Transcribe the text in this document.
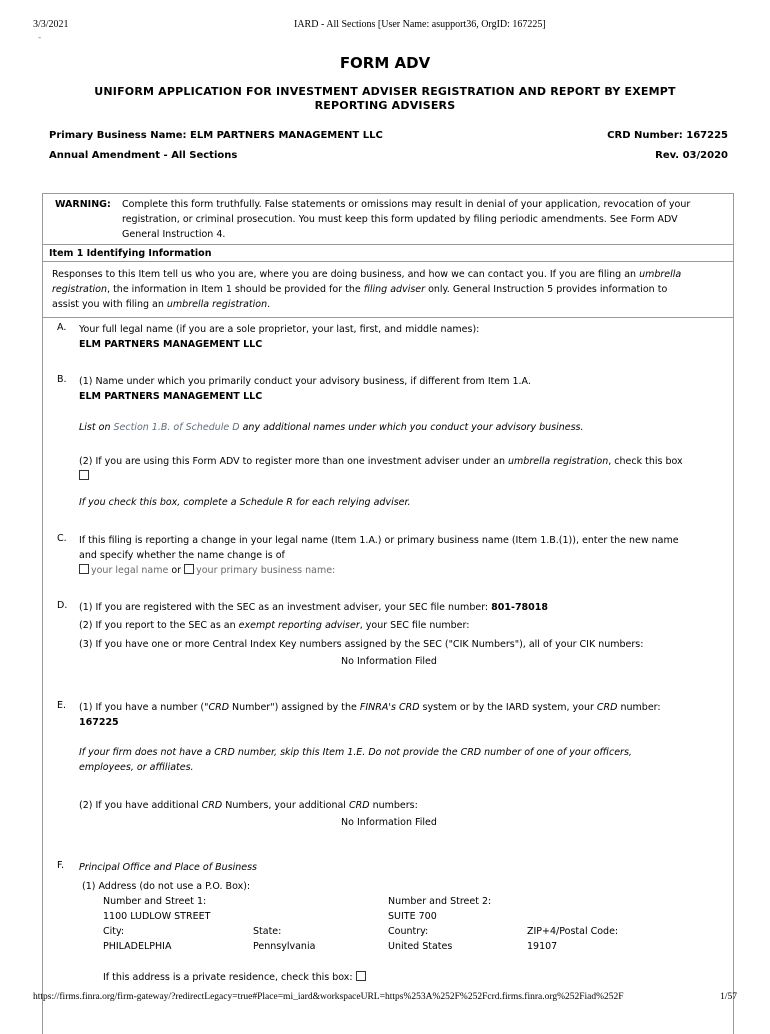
3/3/2021	IARD - All Sections [User Name: asupport36, OrgID: 167225]
-
FORM ADV
UNIFORM APPLICATION FOR INVESTMENT ADVISER REGISTRATION AND REPORT BY EXEMPT
REPORTING ADVISERS
Primary Business Name: ELM PARTNERS MANAGEMENT LLC	CRD Number: 167225
Annual Amendment - All Sections	Rev. 03/2020
WARNING: Complete this form truthfully. False statements or omissions may result in denial of your application, revocation of your
registration, or criminal prosecution. You must keep this form updated by filing periodic amendments. See Form ADV
General Instruction 4.
Item 1 Identifying Information
Responses to this Item tell us who you are, where you are doing business, and how we can contact you. If you are filing an umbrella
registration, the information in Item 1 should be provided for the filing adviser only. General Instruction 5 provides information to
assist you with filing an umbrella registration.
A. Your full legal name (if you are a sole proprietor, your last, first, and middle names):
ELM PARTNERS MANAGEMENT LLC
B. (1) Name under which you primarily conduct your advisory business, if different from Item 1.A.
ELM PARTNERS MANAGEMENT LLC
List on Section 1.B. of Schedule D any additional names under which you conduct your advisory business.
(2) If you are using this Form ADV to register more than one investment adviser under an umbrella registration, check this box
If you check this box, complete a Schedule R for each relying adviser.
C. If this filing is reporting a change in your legal name (Item 1.A.) or primary business name (Item 1.B.(1)), enter the new name
and specify whether the name change is of
your legal name or your primary business name:
D. (1) If you are registered with the SEC as an investment adviser, your SEC file number: 801-78018
(2) If you report to the SEC as an exempt reporting adviser, your SEC file number:
(3) If you have one or more Central Index Key numbers assigned by the SEC ("CIK Numbers"), all of your CIK numbers:
No Information Filed
E. (1) If you have a number ("CRD Number") assigned by the FINRA's CRD system or by the IARD system, your CRD number:
167225
If your firm does not have a CRD number, skip this Item 1.E. Do not provide the CRD number of one of your officers,
employees, or affiliates.
(2) If you have additional CRD Numbers, your additional CRD numbers:
No Information Filed
F. Principal Office and Place of Business
(1) Address (do not use a P.O. Box):
Number and Street 1:
1100 LUDLOW STREET
Number and Street 2:
SUITE 700
City:
PHILADELPHIA
State:
Pennsylvania
Country:
United States
ZIP+4/Postal Code:
19107
If this address is a private residence, check this box:
https://firms.finra.org/firm-gateway/?redirectLegacy=true#Place=mi_iard&workspaceURL=https%253A%252F%252Fcrd.firms.finra.org%252Fiad%252F	1/57
